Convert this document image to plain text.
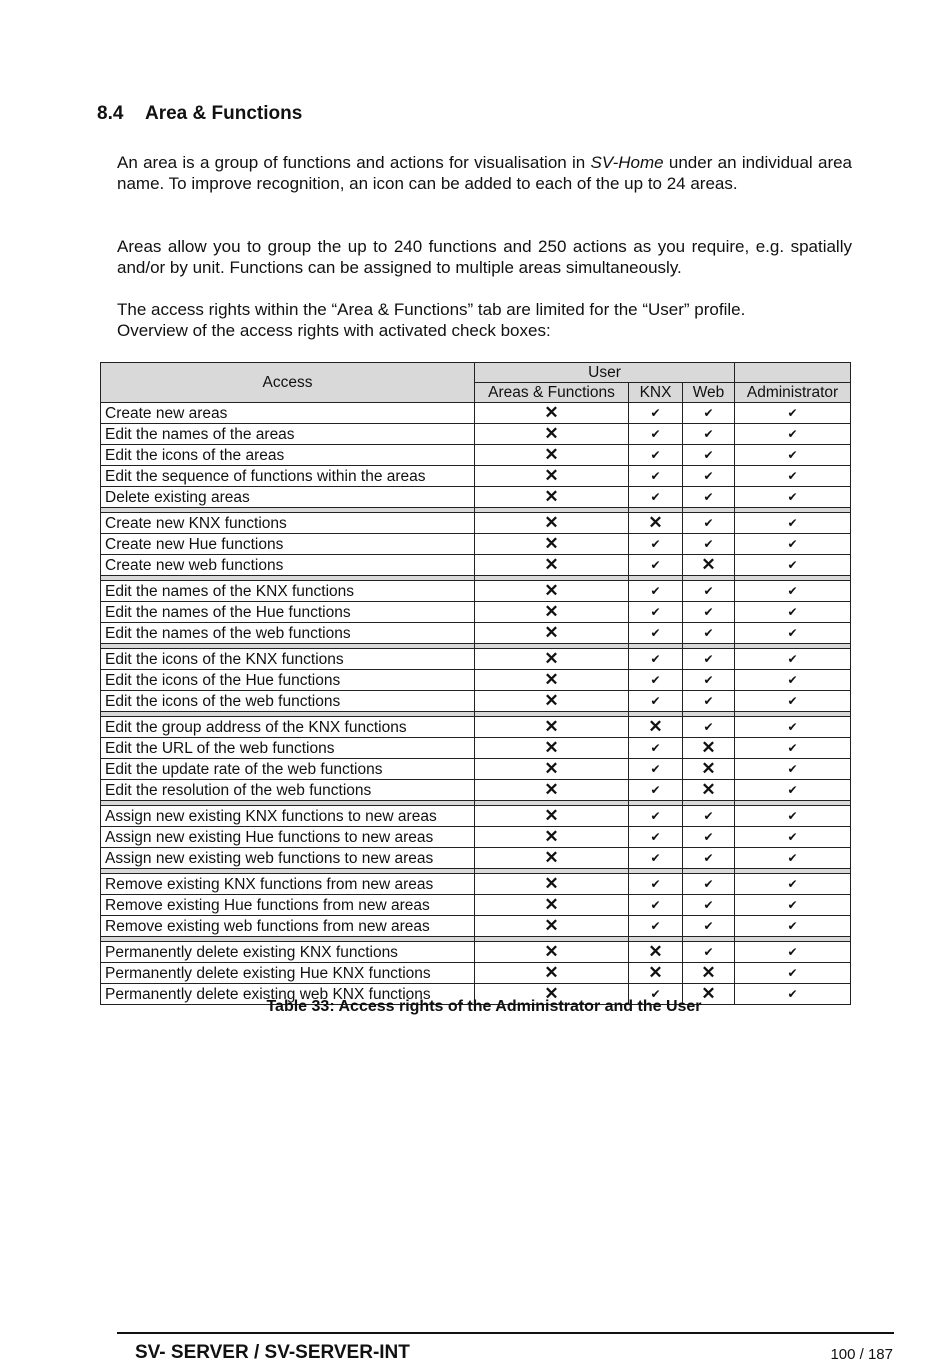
8.4 Area & Functions

An area is a group of functions and actions for visualisation in SV-Home under an individual area name. To improve recognition, an icon can be added to each of the up to 24 areas.

Areas allow you to group the up to 240 functions and 250 actions as you require, e.g. spatially and/or by unit. Functions can be assigned to multiple areas simultaneously.

The access rights within the “Area & Functions” tab are limited for the “User” profile.
Overview of the access rights with activated check boxes:

Access	User			
	Areas & Functions	KNX	Web	Administrator
Create new areas	✕	✔	✔	✔
Edit the names of the areas	✕	✔	✔	✔
Edit the icons of the areas	✕	✔	✔	✔
Edit the sequence of functions within the areas	✕	✔	✔	✔
Delete existing areas	✕	✔	✔	✔

Create new KNX functions	✕	✕	✔	✔
Create new Hue functions	✕	✔	✔	✔
Create new web functions	✕	✔	✕	✔

Edit the names of the KNX functions	✕	✔	✔	✔
Edit the names of the Hue functions	✕	✔	✔	✔
Edit the names of the web functions	✕	✔	✔	✔

Edit the icons of the KNX functions	✕	✔	✔	✔
Edit the icons of the Hue functions	✕	✔	✔	✔
Edit the icons of the web functions	✕	✔	✔	✔

Edit the group address of the KNX functions	✕	✕	✔	✔
Edit the URL of the web functions	✕	✔	✕	✔
Edit the update rate of the web functions	✕	✔	✕	✔
Edit the resolution of the web functions	✕	✔	✕	✔

Assign new existing KNX functions to new areas	✕	✔	✔	✔
Assign new existing Hue functions to new areas	✕	✔	✔	✔
Assign new existing web functions to new areas	✕	✔	✔	✔

Remove existing KNX functions from new areas	✕	✔	✔	✔
Remove existing Hue functions from new areas	✕	✔	✔	✔
Remove existing web functions from new areas	✕	✔	✔	✔

Permanently delete existing KNX functions	✕	✕	✔	✔
Permanently delete existing Hue KNX functions	✕	✕	✕	✔
Permanently delete existing web KNX functions	✕	✔	✕	✔
Table 33: Access rights of the Administrator and the User
SV- SERVER / SV-SERVER-INT	100 / 187
